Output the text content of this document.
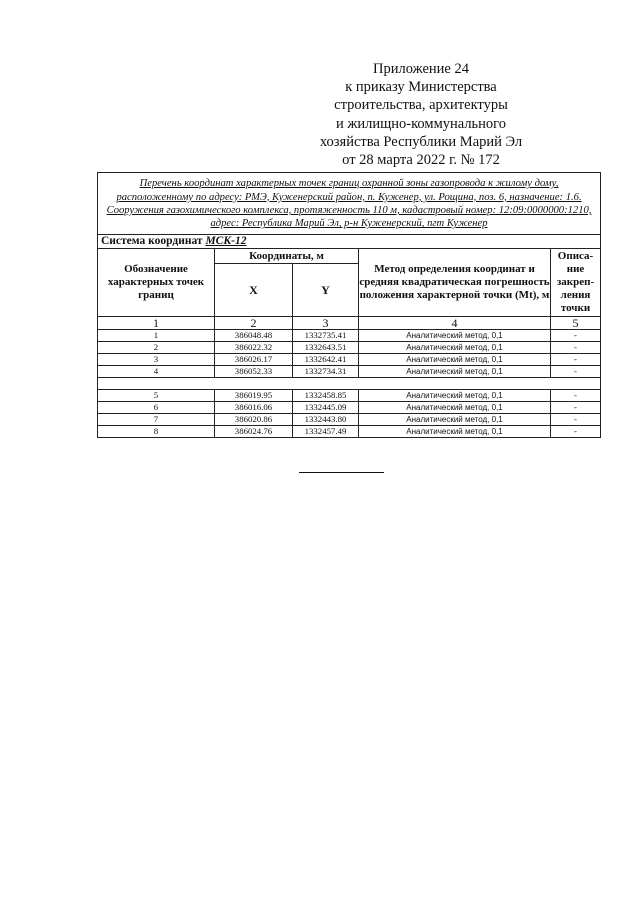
Приложение 24
к приказу Министерства
строительства, архитектуры
и жилищно-коммунального
хозяйства Республики Марий Эл
от 28 марта 2022 г. № 172
Перечень координат характерных точек границ охранной зоны газопровода к жилому дому, расположенному по адресу: РМЭ, Куженерский район, п. Куженер, ул. Рощина, поз. 6, назначение: 1.6. Сооружения газохимического комплекса, протяженность 110 м, кадастровый номер: 12:09:0000000:1210, адрес: Республика Марий Эл, р-н Куженерский, пгт Куженер				
Система координат МСК-12				
Обозначение характерных точек границ	Координаты, м		Метод определения координат и средняя квадратическая погрешность положения характерной точки (Mt), м	Описа-ние закреп-ления точки
	X	Y		
1	2	3	4	5
1	386048.48	1332735.41	Аналитический метод, 0,1	-
2	386022.32	1332643.51	Аналитический метод, 0,1	-
3	386026.17	1332642.41	Аналитический метод, 0,1	-
4	386052.33	1332734.31	Аналитический метод, 0,1	-

5	386019.95	1332458.85	Аналитический метод, 0,1	-
6	386016.06	1332445.09	Аналитический метод, 0,1	-
7	386020.86	1332443.80	Аналитический метод, 0,1	-
8	386024.76	1332457.49	Аналитический метод, 0,1	-
